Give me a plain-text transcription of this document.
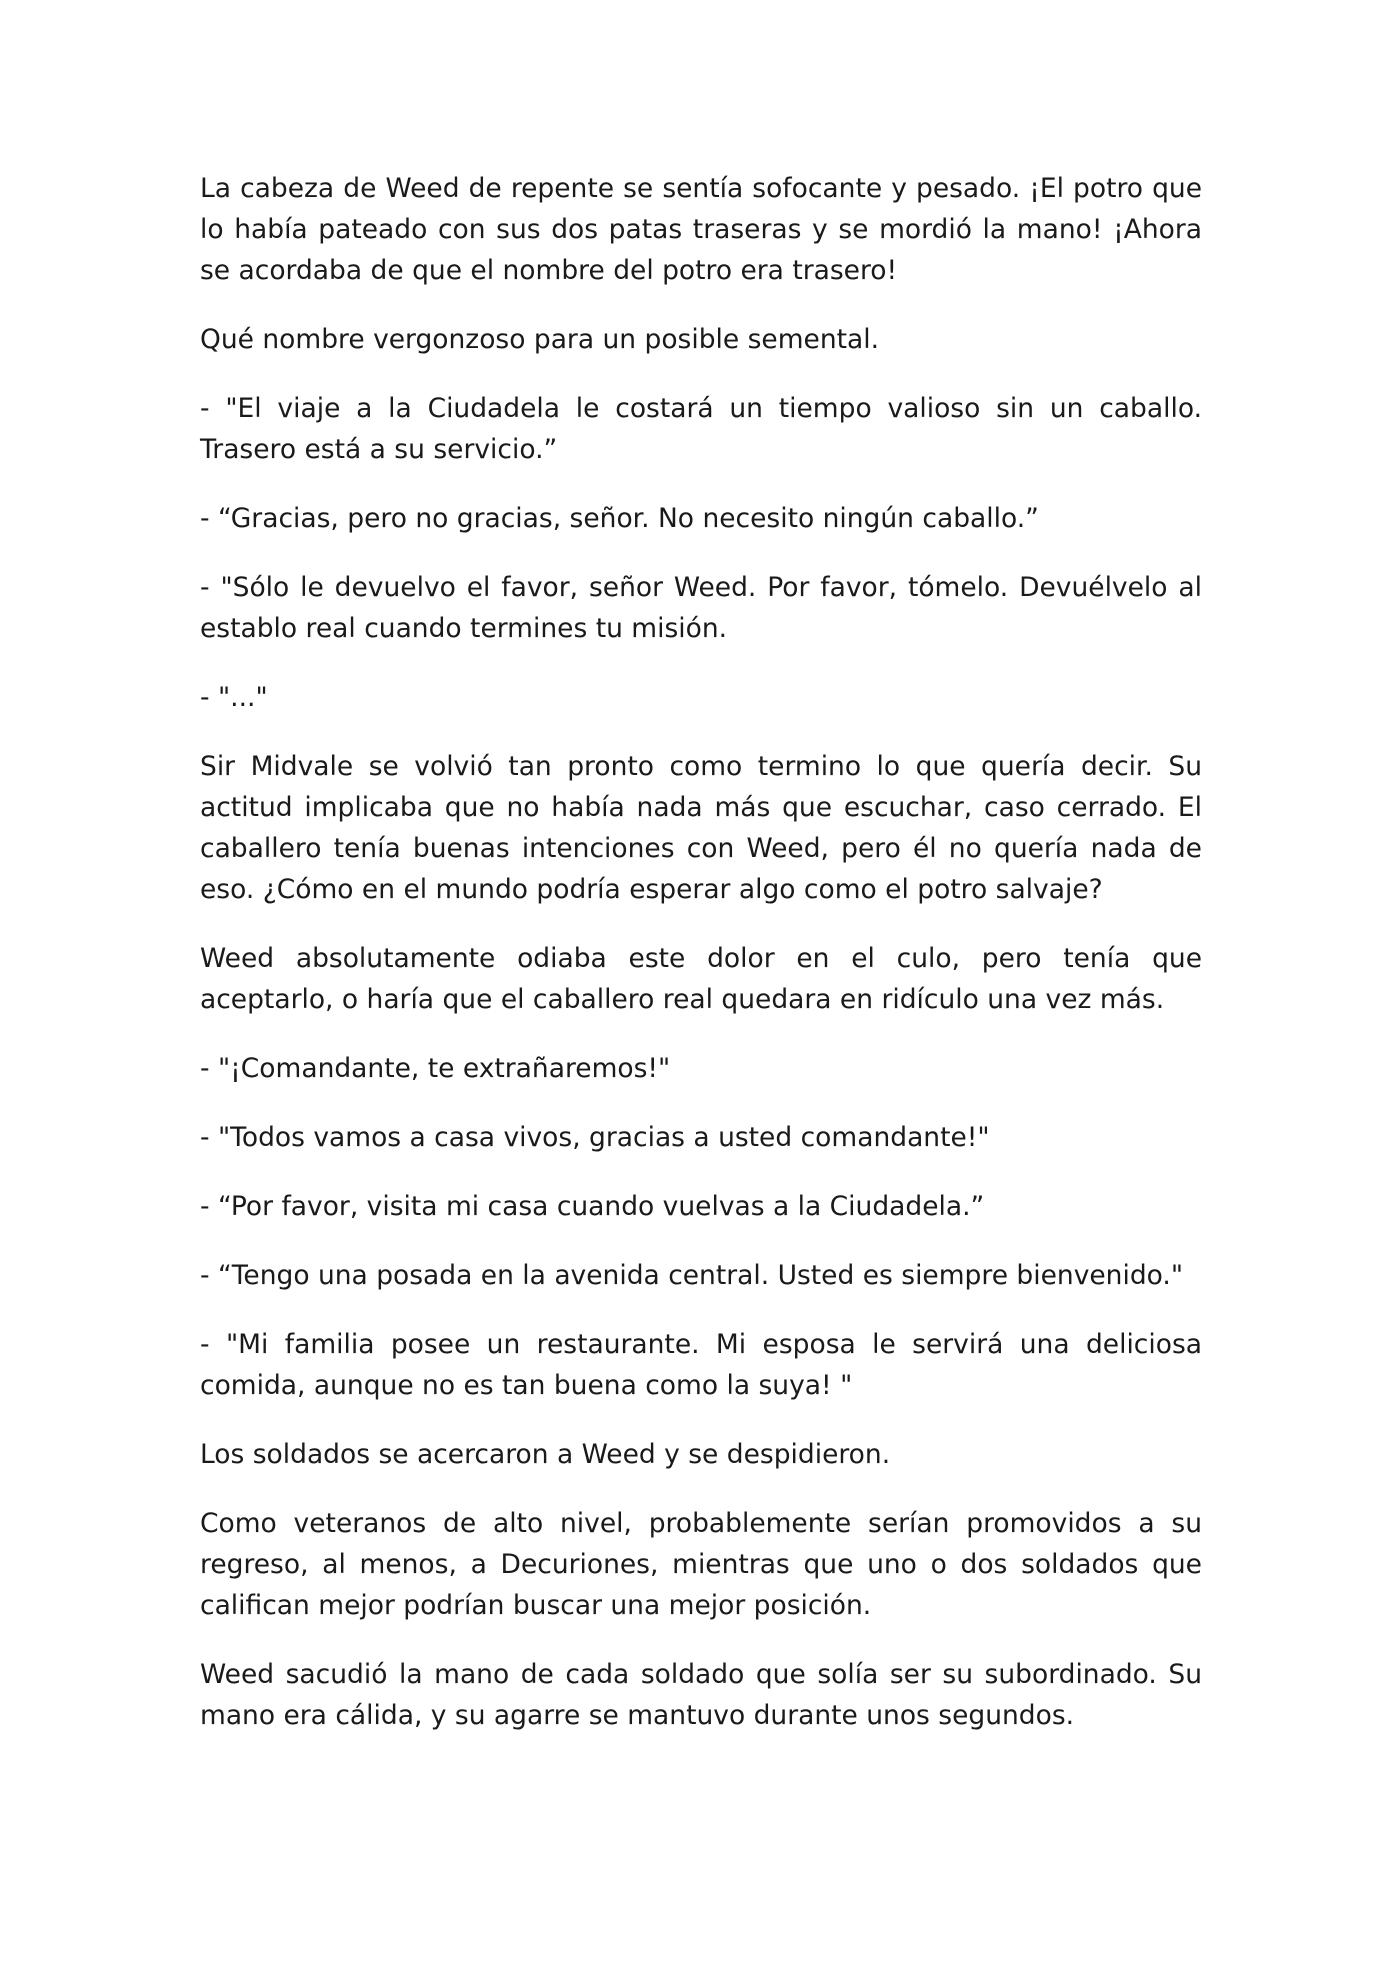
La cabeza de Weed de repente se sentía sofocante y pesado. ¡El potro que lo había pateado con sus dos patas traseras y se mordió la mano! ¡Ahora se acordaba de que el nombre del potro era trasero!

Qué nombre vergonzoso para un posible semental.

- "El viaje a la Ciudadela le costará un tiempo valioso sin un caballo. Trasero está a su servicio.”

- “Gracias, pero no gracias, señor. No necesito ningún caballo.”

- "Sólo le devuelvo el favor, señor Weed. Por favor, tómelo. Devuélvelo al establo real cuando termines tu misión.

- "..."

Sir Midvale se volvió tan pronto como termino lo que quería decir. Su actitud implicaba que no había nada más que escuchar, caso cerrado. El caballero tenía buenas intenciones con Weed, pero él no quería nada de eso. ¿Cómo en el mundo podría esperar algo como el potro salvaje?

Weed absolutamente odiaba este dolor en el culo, pero tenía que aceptarlo, o haría que el caballero real quedara en ridículo una vez más.

- "¡Comandante, te extrañaremos!"

- "Todos vamos a casa vivos, gracias a usted comandante!"

- “Por favor, visita mi casa cuando vuelvas a la Ciudadela.”

- “Tengo una posada en la avenida central. Usted es siempre bienvenido."

- "Mi familia posee un restaurante. Mi esposa le servirá una deliciosa comida, aunque no es tan buena como la suya! "

Los soldados se acercaron a Weed y se despidieron.

Como veteranos de alto nivel, probablemente serían promovidos a su regreso, al menos, a Decuriones, mientras que uno o dos soldados que califican mejor podrían buscar una mejor posición.

Weed sacudió la mano de cada soldado que solía ser su subordinado. Su mano era cálida, y su agarre se mantuvo durante unos segundos.
